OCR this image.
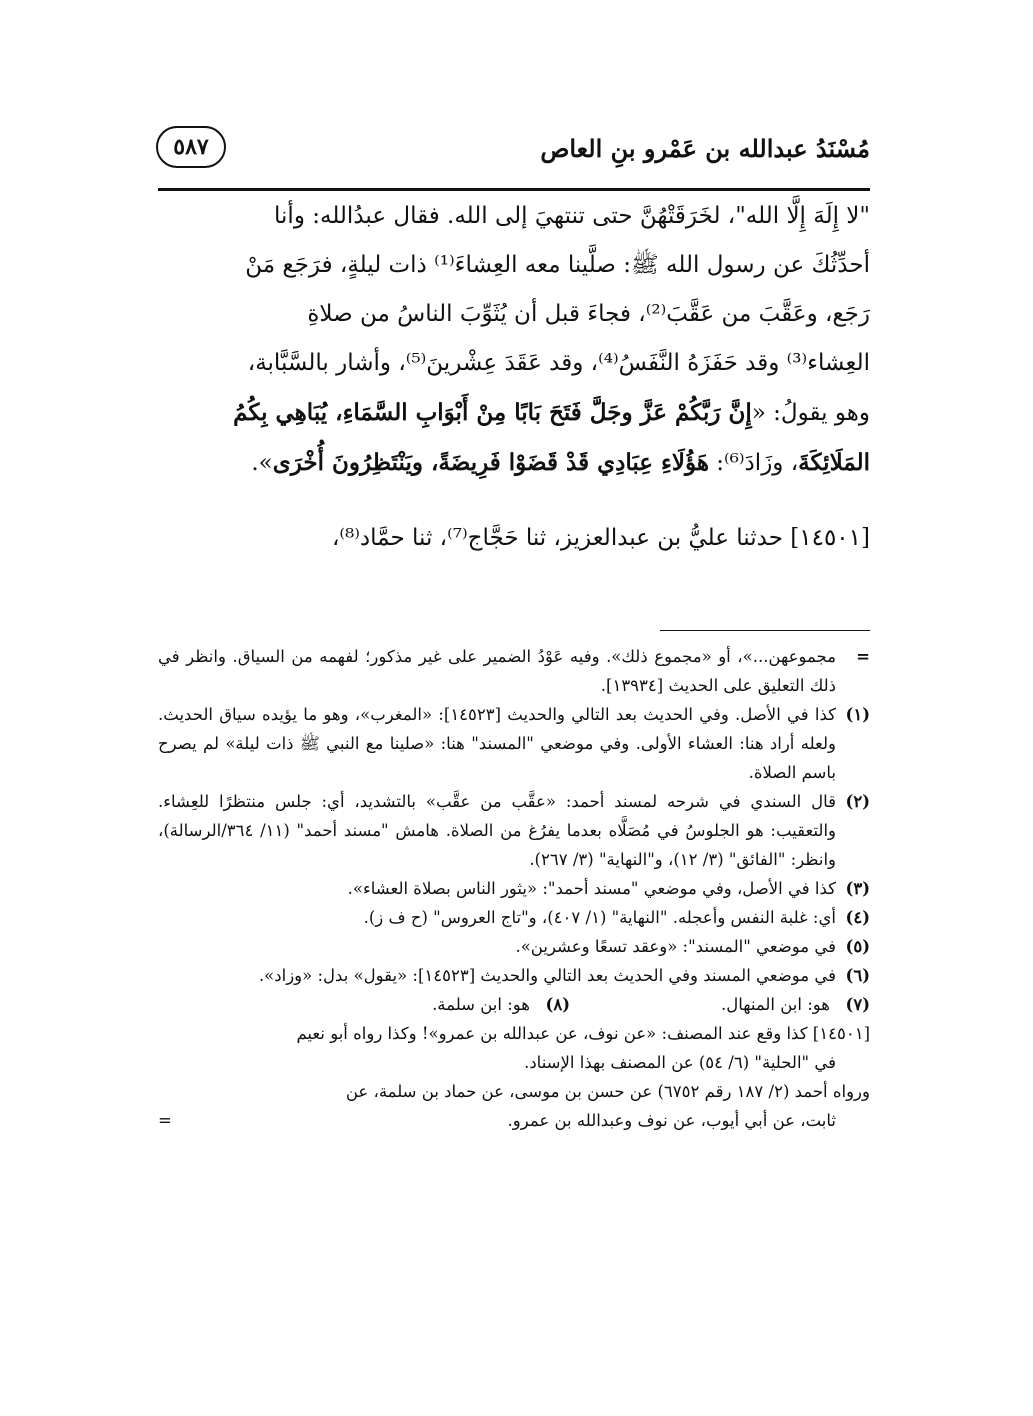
مُسْنَدُ عبدالله بن عَمْرو بنِ العاص
٥٨٧

"لا إِلَهَ إِلَّا الله"، لخَرَقَتْهُنَّ حتى تنتهيَ إلى الله. فقال عبدُالله: وأنا

أحدِّثُكَ عن رسول الله ﷺ: صلَّينا معه العِشاءَ⁽¹⁾ ذات ليلةٍ، فرَجَع مَنْ

رَجَع، وعَقَّبَ من عَقَّبَ⁽²⁾، فجاءَ قبل أن يُثَوِّبَ الناسُ من صلاةِ

العِشاء⁽³⁾ وقد حَفَزَهُ النَّفَسُ⁽⁴⁾، وقد عَقَدَ عِشْرينَ⁽⁵⁾، وأشار بالسَّبَّابة،

وهو يقولُ: «إِنَّ رَبَّكُمْ عَزَّ وجَلَّ فَتَحَ بَابًا مِنْ أَبْوَابِ السَّمَاءِ، يُبَاهِي بِكُمُ

المَلَائِكَةَ، وزَادَ⁽⁶⁾: هَؤُلَاءِ عِبَادِي قَدْ قَضَوْا فَرِيضَةً، ويَنْتَظِرُونَ أُخْرَى».

[١٤٥٠١] حدثنا عليُّ بن عبدالعزيز، ثنا حَجَّاج⁽⁷⁾، ثنا حمَّاد⁽⁸⁾،

=
مجموعهن...»، أو «مجموع ذلك». وفيه عَوْدُ الضمير على غير مذكور؛ لفهمه من السياق. وانظر في ذلك التعليق على الحديث [١٣٩٣٤].
(١)
كذا في الأصل. وفي الحديث بعد التالي والحديث [١٤٥٢٣]: «المغرب»، وهو ما يؤيده سياق الحديث. ولعله أراد هنا: العشاء الأولى. وفي موضعي "المسند" هنا: «صلينا مع النبي ﷺ ذات ليلة» لم يصرح باسم الصلاة.
(٢)
قال السندي في شرحه لمسند أحمد: «عقَّب من عقَّب» بالتشديد، أي: جلس منتظرًا للعِشاء. والتعقيب: هو الجلوسُ في مُصَلَّاه بعدما يفرُغ من الصلاة. هامش "مسند أحمد" (١١/ ٣٦٤/الرسالة)، وانظر: "الفائق" (٣/ ١٢)، و"النهاية" (٣/ ٢٦٧).
(٣)
كذا في الأصل، وفي موضعي "مسند أحمد": «يثور الناس بصلاة العشاء».
(٤)
أي: غلبة النفس وأعجله. "النهاية" (١/ ٤٠٧)، و"تاج العروس" (ح ف ز).
(٥)
في موضعي "المسند": «وعقد تسعًا وعشرين».
(٦)
في موضعي المسند وفي الحديث بعد التالي والحديث [١٤٥٢٣]: «يقول» بدل: «وزاد».
(٧)
هو: ابن المنهال.
(٨)
هو: ابن سلمة.

[١٤٥٠١] كذا وقع عند المصنف: «عن نوف، عن عبدالله بن عمرو»! وكذا رواه أبو نعيم

في "الحلية" (٦/ ٥٤) عن المصنف بهذا الإسناد.

ورواه أحمد (٢/ ١٨٧ رقم ٦٧٥٢) عن حسن بن موسى، عن حماد بن سلمة، عن

ثابت، عن أبي أيوب، عن نوف وعبدالله بن عمرو.
=
